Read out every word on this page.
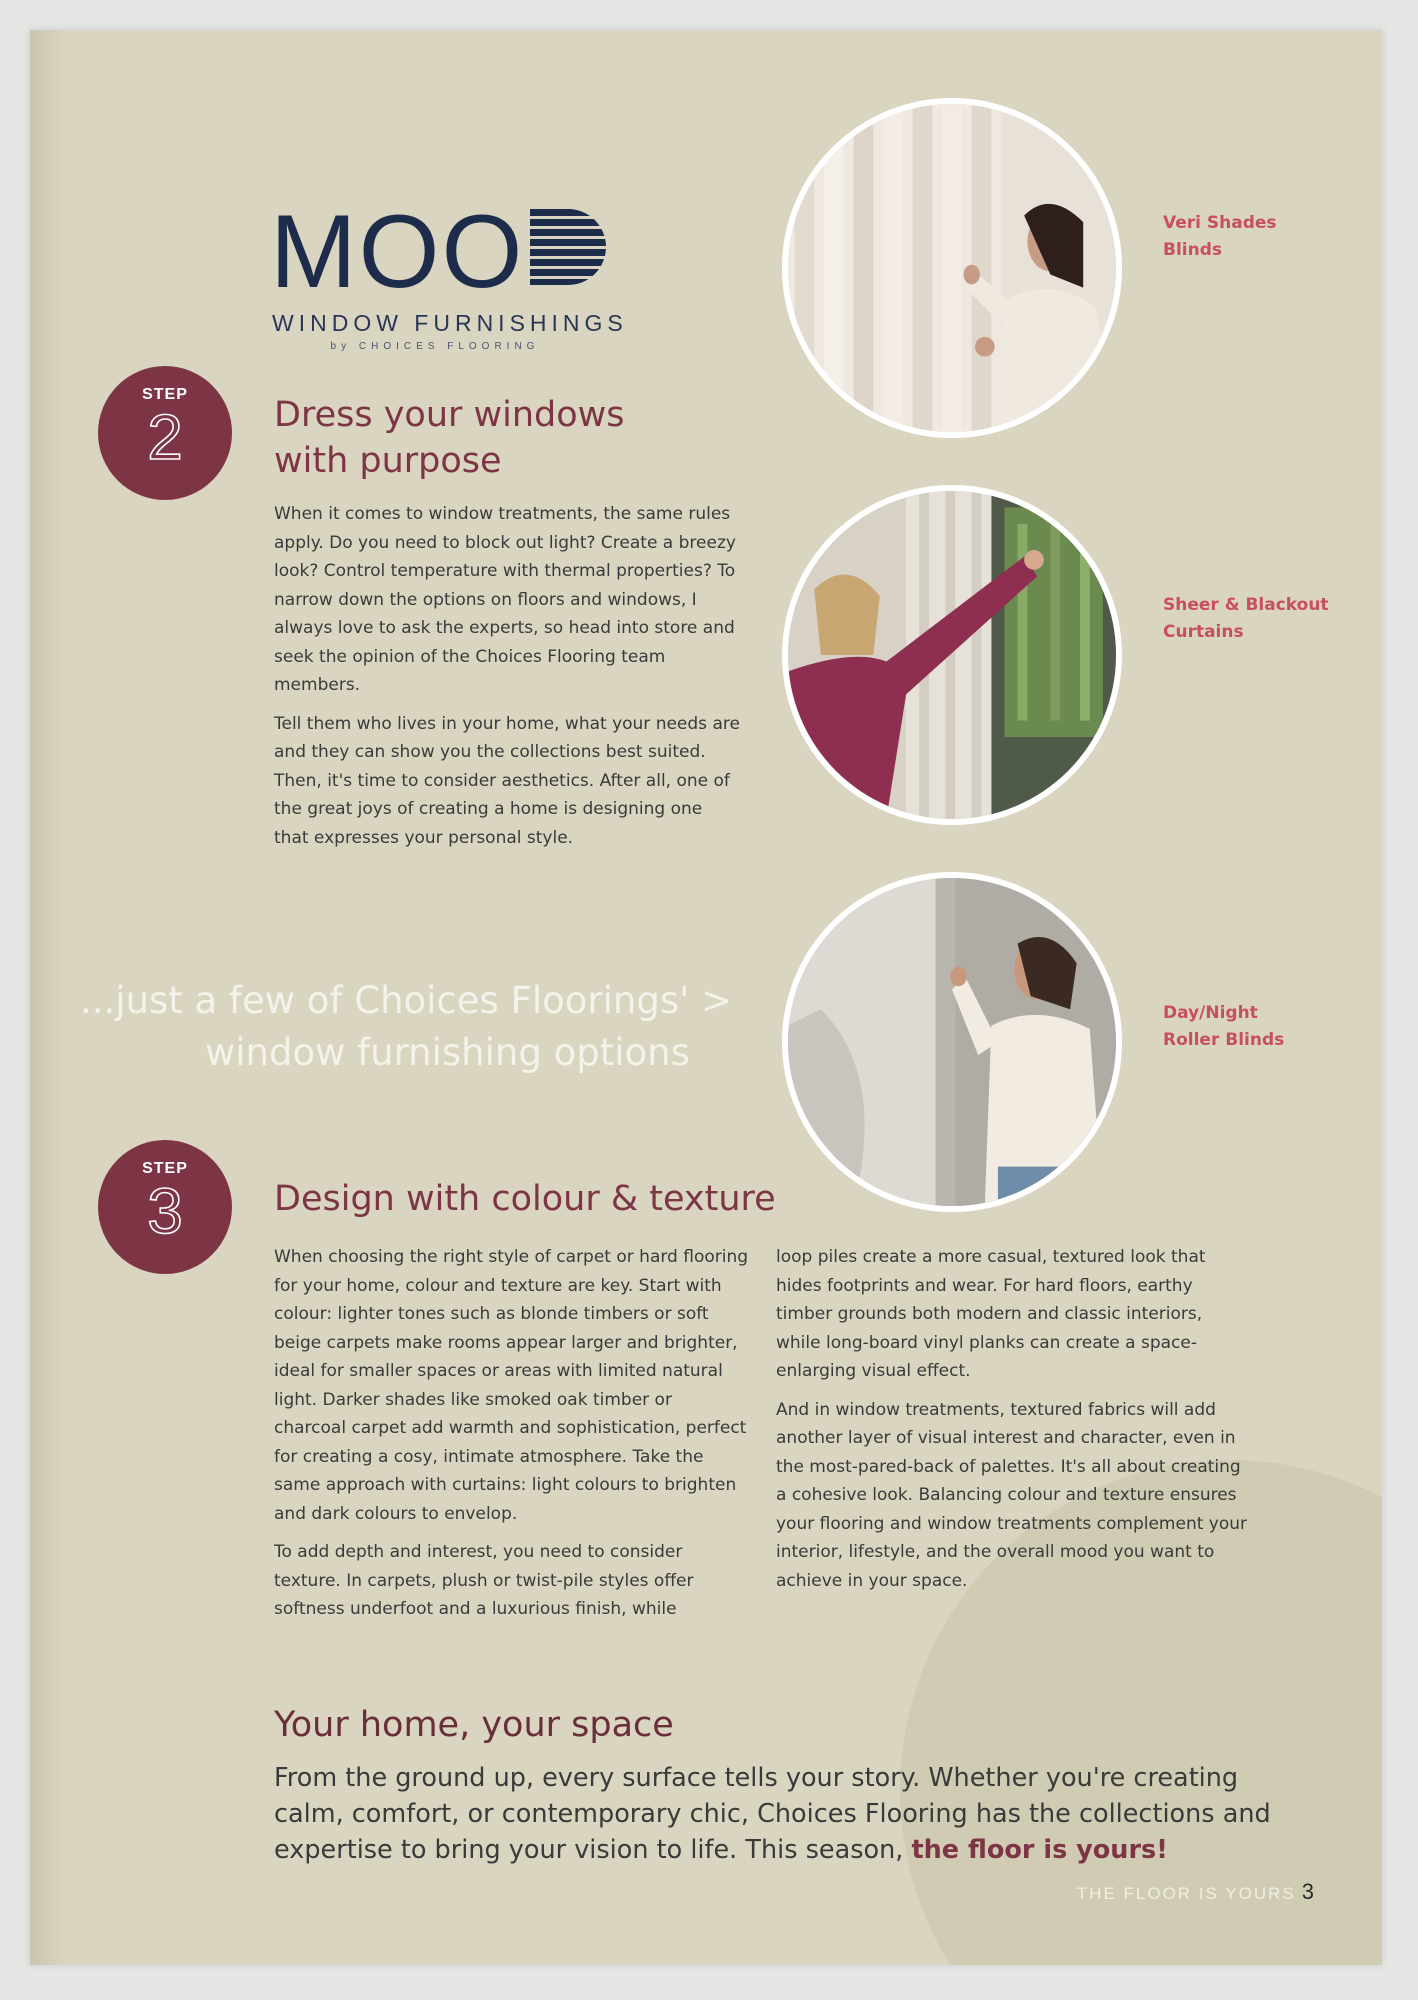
MOO
WINDOW FURNISHINGS
by CHOICES FLOORING
STEP
2	Dress your windows
with purpose

When it comes to window treatments, the same rules apply. Do you need to block out light? Create a breezy look? Control temperature with thermal properties? To narrow down the options on floors and windows, I always love to ask the experts, so head into store and seek the opinion of the Choices Flooring team members.

Tell them who lives in your home, what your needs are and they can show you the collections best suited. Then, it's time to consider aesthetics. After all, one of the great joys of creating a home is designing one that expresses your personal style.

...just a few of Choices Floorings' >
window furnishing options
Veri Shades
Blinds
Sheer & Blackout
Curtains
Day/Night
Roller Blinds
STEP
3	Design with colour & texture

When choosing the right style of carpet or hard flooring for your home, colour and texture are key. Start with colour: lighter tones such as blonde timbers or soft beige carpets make rooms appear larger and brighter, ideal for smaller spaces or areas with limited natural light. Darker shades like smoked oak timber or charcoal carpet add warmth and sophistication, perfect for creating a cosy, intimate atmosphere. Take the same approach with curtains: light colours to brighten and dark colours to envelop.

To add depth and interest, you need to consider texture. In carpets, plush or twist-pile styles offer softness underfoot and a luxurious finish, while

loop piles create a more casual, textured look that hides footprints and wear. For hard floors, earthy timber grounds both modern and classic interiors, while long-board vinyl planks can create a space-enlarging visual effect.

And in window treatments, textured fabrics will add another layer of visual interest and character, even in the most-pared-back of palettes. It's all about creating a cohesive look. Balancing colour and texture ensures your flooring and window treatments complement your interior, lifestyle, and the overall mood you want to achieve in your space.

Your home, your space

From the ground up, every surface tells your story. Whether you're creating calm, comfort, or contemporary chic, Choices Flooring has the collections and expertise to bring your vision to life. This season, the floor is yours!

THE FLOOR IS YOURS 3
